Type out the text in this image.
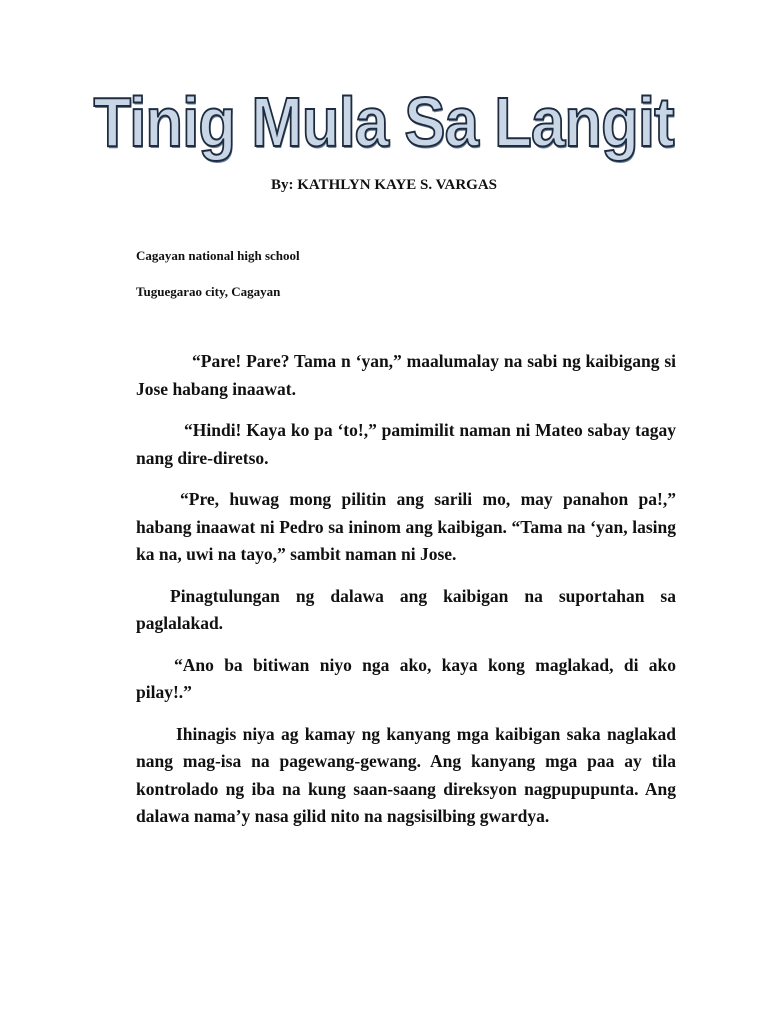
Tinig Mula Sa Langit
By: KATHLYN KAYE S. VARGAS
Cagayan national high school
Tuguegarao city, Cagayan

“Pare! Pare? Tama n ‘yan,” maalumalay na sabi ng kaibigang si Jose habang inaawat.

“Hindi! Kaya ko pa ‘to!,” pamimilit naman ni Mateo sabay tagay nang dire-diretso.

“Pre, huwag mong pilitin ang sarili mo, may panahon pa!,” habang inaawat ni Pedro sa ininom ang kaibigan. “Tama na ‘yan, lasing ka na, uwi na tayo,” sambit naman ni Jose.

Pinagtulungan ng dalawa ang kaibigan na suportahan sa paglalakad.

“Ano ba bitiwan niyo nga ako, kaya kong maglakad, di ako pilay!.”

Ihinagis niya ag kamay ng kanyang mga kaibigan saka naglakad nang mag-isa na pagewang-gewang. Ang kanyang mga paa ay tila kontrolado ng iba na kung saan-saang direksyon nagpupupunta. Ang dalawa nama’y nasa gilid nito na nagsisilbing gwardya.
